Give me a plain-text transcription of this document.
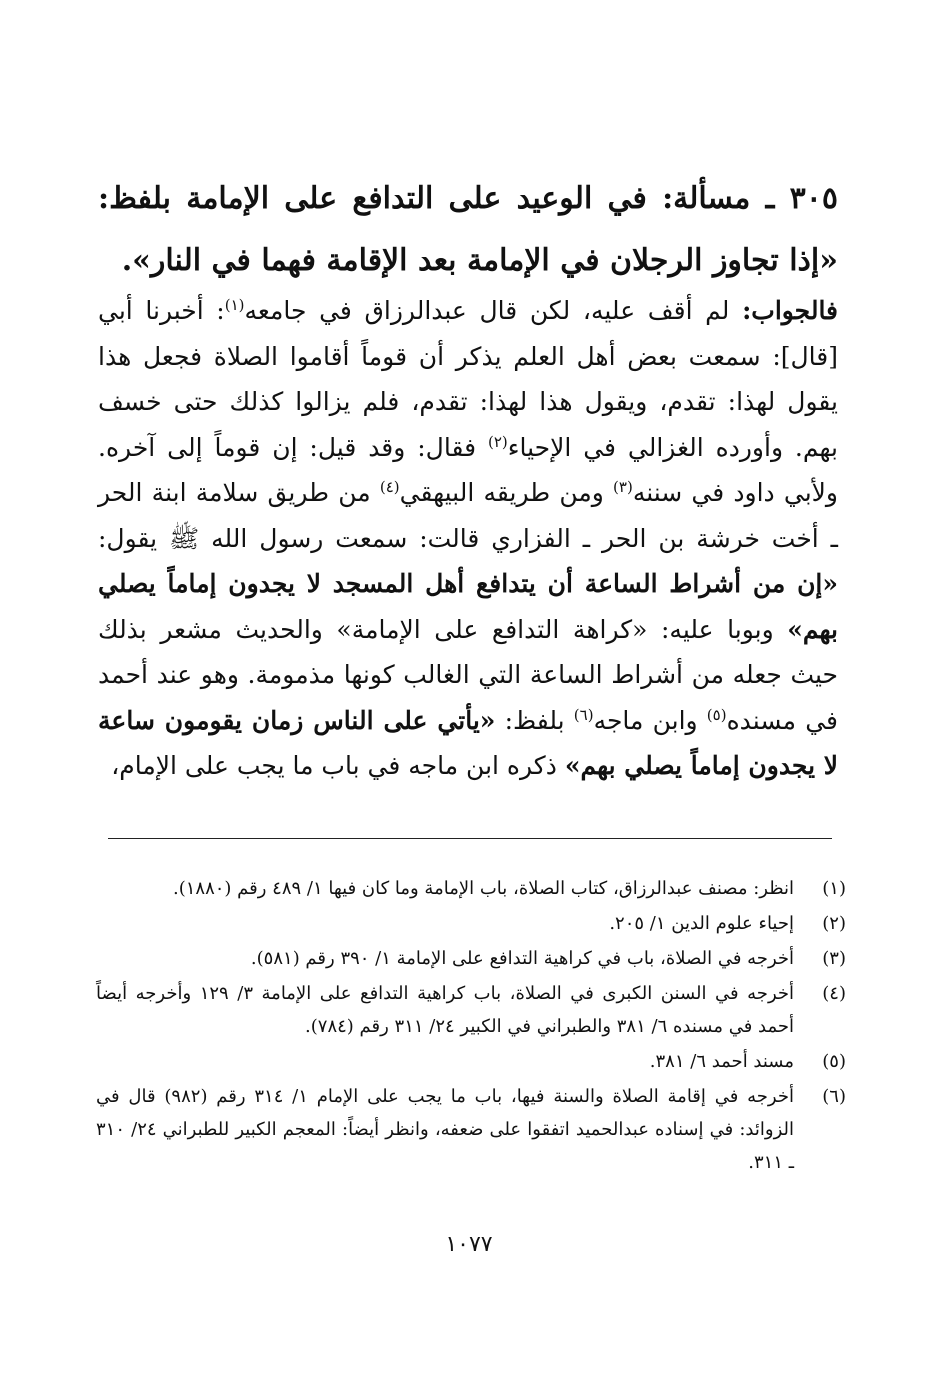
٣٠٥ ـ مسألة: في الوعيد على التدافع على الإمامة بلفظ: «إذا تجاوز الرجلان في الإمامة بعد الإقامة فهما في النار».
فالجواب: لم أقف عليه، لكن قال عبدالرزاق في جامعه$^{(١)}$: أخبرنا أبي [قال]: سمعت بعض أهل العلم يذكر أن قوماً أقاموا الصلاة فجعل هذا يقول لهذا: تقدم، ويقول هذا لهذا: تقدم، فلم يزالوا كذلك حتى خسف بهم. وأورده الغزالي في الإحياء$^{(٢)}$ فقال: وقد قيل: إن قوماً إلى آخره. ولأبي داود في سننه$^{(٣)}$ ومن طريقه البيهقي$^{(٤)}$ من طريق سلامة ابنة الحر ـ أخت خرشة بن الحر ـ الفزاري قالت: سمعت رسول الله ﷺ يقول: «إن من أشراط الساعة أن يتدافع أهل المسجد لا يجدون إماماً يصلي بهم» وبوبا عليه: «كراهة التدافع على الإمامة» والحديث مشعر بذلك حيث جعله من أشراط الساعة التي الغالب كونها مذمومة. وهو عند أحمد في مسنده$^{(٥)}$ وابن ماجه$^{(٦)}$ بلفظ: «يأتي على الناس زمان يقومون ساعة لا يجدون إماماً يصلي بهم» ذكره ابن ماجه في باب ما يجب على الإمام،
(١)
انظر: مصنف عبدالرزاق، كتاب الصلاة، باب الإمامة وما كان فيها ١/ ٤٨٩ رقم (١٨٨٠).
(٢)
إحياء علوم الدين ١/ ٢٠٥.
(٣)
أخرجه في الصلاة، باب في كراهية التدافع على الإمامة ١/ ٣٩٠ رقم (٥٨١).
(٤)
أخرجه في السنن الكبرى في الصلاة، باب كراهية التدافع على الإمامة ٣/ ١٢٩ وأخرجه أيضاً أحمد في مسنده ٦/ ٣٨١ والطبراني في الكبير ٢٤/ ٣١١ رقم (٧٨٤).
(٥)
مسند أحمد ٦/ ٣٨١.
(٦)
أخرجه في إقامة الصلاة والسنة فيها، باب ما يجب على الإمام ١/ ٣١٤ رقم (٩٨٢) قال في الزوائد: في إسناده عبدالحميد اتفقوا على ضعفه، وانظر أيضاً: المعجم الكبير للطبراني ٢٤/ ٣١٠ ـ ٣١١.
١٠٧٧
